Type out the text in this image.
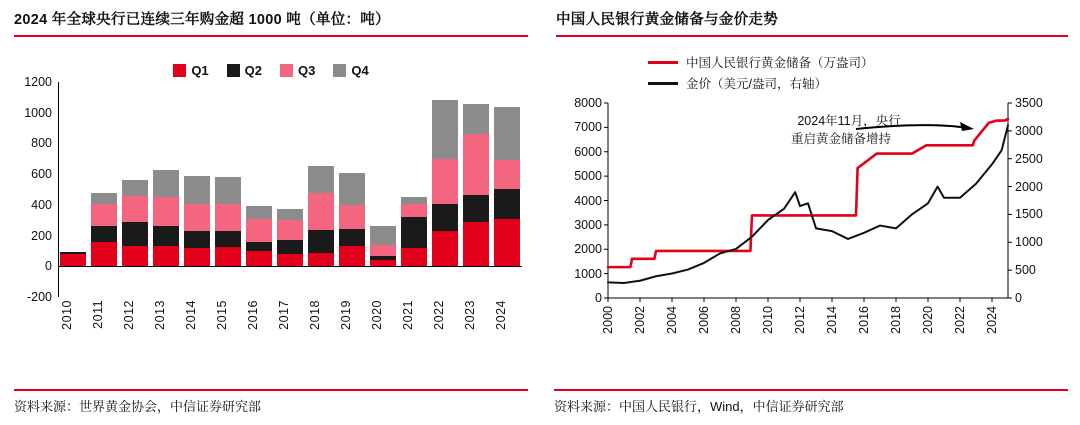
2024 年全球央行已连续三年购金超 1000 吨（单位：吨）
Q1	Q2	Q3	Q4
-200
0
200
400
600
800
1000
1200
2010	2011	2012	2013	2014	2015	2016	2017	2018	2019	2020	2021	2022	2023	2024
资料来源：世界黄金协会，中信证券研究部
中国人民银行黄金储备与金价走势
中国人民银行黄金储备（万盎司）
金价（美元/盎司，右轴）
2024年11月，央行
重启黄金储备增持
0
1000
2000
3000
4000
5000
6000
7000
8000
0
500
1000
1500
2000
2500
3000
3500
2000 2002 2004 2006 2008 2010 2012 2014 2016 2018 2020 2022 2024
资料来源：中国人民银行，Wind，中信证券研究部
